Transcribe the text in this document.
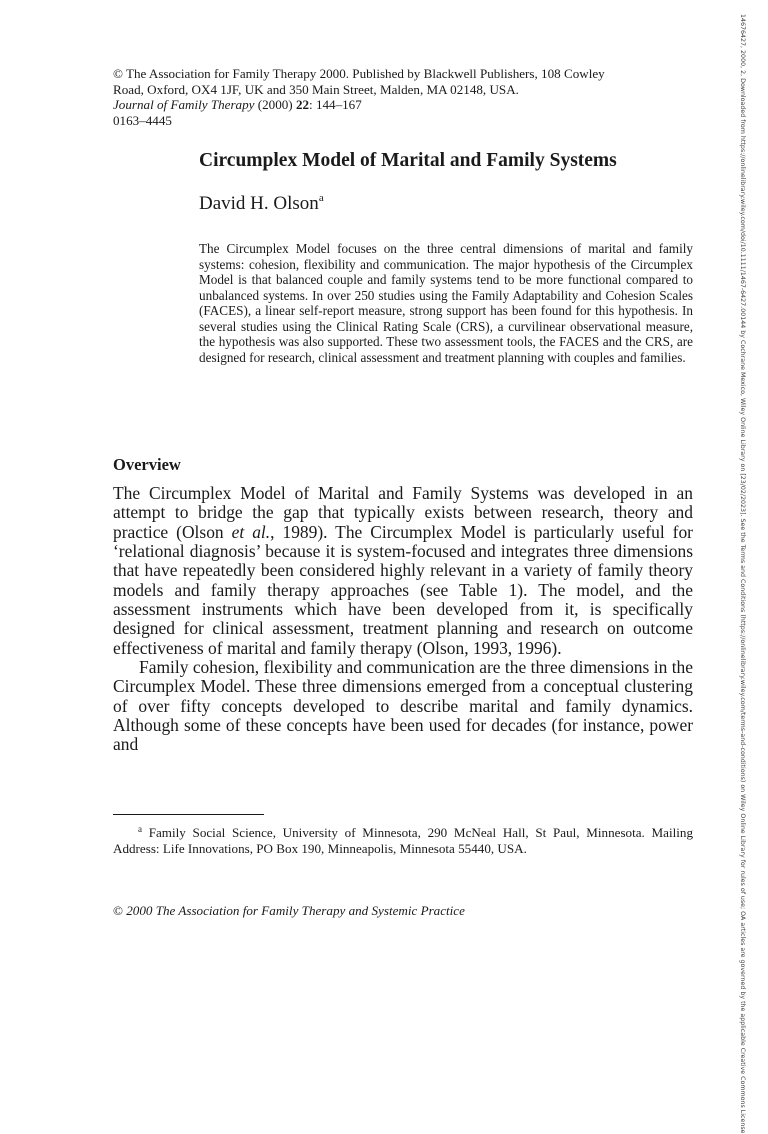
© The Association for Family Therapy 2000. Published by Blackwell Publishers, 108 Cowley
Road, Oxford, OX4 1JF, UK and 350 Main Street, Malden, MA 02148, USA.
Journal of Family Therapy (2000) 22: 144–167
0163–4445
Circumplex Model of Marital and Family Systems
David H. Olson$^a$
The Circumplex Model focuses on the three central dimensions of marital and family systems: cohesion, flexibility and communication. The major hypothesis of the Circumplex Model is that balanced couple and family systems tend to be more functional compared to unbalanced systems. In over 250 studies using the Family Adaptability and Cohesion Scales (FACES), a linear self-report measure, strong support has been found for this hypothesis. In several studies using the Clinical Rating Scale (CRS), a curvilinear observational measure, the hypothesis was also supported. These two assessment tools, the FACES and the CRS, are designed for research, clinical assessment and treatment planning with couples and families.
Overview

The Circumplex Model of Marital and Family Systems was developed in an attempt to bridge the gap that typically exists between research, theory and practice (Olson et al., 1989). The Circumplex Model is particularly useful for ‘relational diagnosis’ because it is system-focused and integrates three dimensions that have repeatedly been considered highly relevant in a variety of family theory models and family therapy approaches (see Table 1). The model, and the assessment instruments which have been developed from it, is specifically designed for clinical assessment, treatment planning and research on outcome effectiveness of marital and family therapy (Olson, 1993, 1996).

Family cohesion, flexibility and communication are the three dimensions in the Circumplex Model. These three dimensions emerged from a conceptual clustering of over fifty concepts developed to describe marital and family dynamics. Although some of these concepts have been used for decades (for instance, power and

$^a$ Family Social Science, University of Minnesota, 290 McNeal Hall, St Paul, Minnesota. Mailing Address: Life Innovations, PO Box 190, Minneapolis, Minnesota 55440, USA.
© 2000 The Association for Family Therapy and Systemic Practice	14676427, 2000, 2, Downloaded from https://onlinelibrary.wiley.com/doi/10.1111/1467-6427.00144 by Cochrane Mexico, Wiley Online Library on [23/02/2023]. See the Terms and Conditions (https://onlinelibrary.wiley.com/terms-and-conditions) on Wiley Online Library for rules of use; OA articles are governed by the applicable Creative Commons License
